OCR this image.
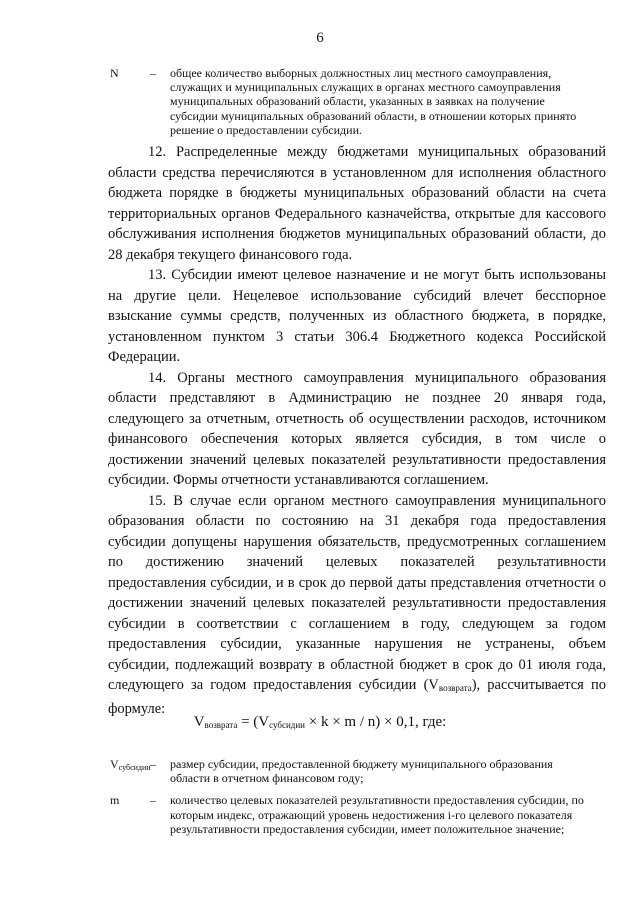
6
N	–	общее количество выборных должностных лиц местного самоуправления, служащих и муниципальных служащих в органах местного самоуправления муниципальных образований области, указанных в заявках на получение субсидии муниципальных образований области, в отношении которых принято решение о предоставлении субсидии.

12. Распределенные между бюджетами муниципальных образований области средства перечисляются в установленном для исполнения областного бюджета порядке в бюджеты муниципальных образований области на счета территориальных органов Федерального казначейства, открытые для кассового обслуживания исполнения бюджетов муниципальных образований области, до 28 декабря текущего финансового года.

13. Субсидии имеют целевое назначение и не могут быть использованы на другие цели. Нецелевое использование субсидий влечет бесспорное взыскание суммы средств, полученных из областного бюджета, в порядке, установленном пунктом 3 статьи 306.4 Бюджетного кодекса Российской Федерации.

14. Органы местного самоуправления муниципального образования области представляют в Администрацию не позднее 20 января года, следующего за отчетным, отчетность об осуществлении расходов, источником финансового обеспечения которых является субсидия, в том числе о достижении значений целевых показателей результативности предоставления субсидии. Формы отчетности устанавливаются соглашением.

15. В случае если органом местного самоуправления муниципального образования области по состоянию на 31 декабря года предоставления субсидии допущены нарушения обязательств, предусмотренных соглашением по достижению значений целевых показателей результативности предоставления субсидии, и в срок до первой даты представления отчетности о достижении значений целевых показателей результативности предоставления субсидии в соответствии с соглашением в году, следующем за годом предоставления субсидии, указанные нарушения не устранены, объем субсидии, подлежащий возврату в областной бюджет в срок до 01 июля года, следующего за годом предоставления субсидии (Vвозврата), рассчитывается по формуле:

Vвозврата = (Vсубсидии × k × m / n) × 0,1, где:
$V_{субсидии}$ –	размер субсидии, предоставленной бюджету муниципального образования области в отчетном финансовом году;
m	–	количество целевых показателей результативности предоставления субсидии, по которым индекс, отражающий уровень недостижения i-го целевого показателя результативности предоставления субсидии, имеет положительное значение;
